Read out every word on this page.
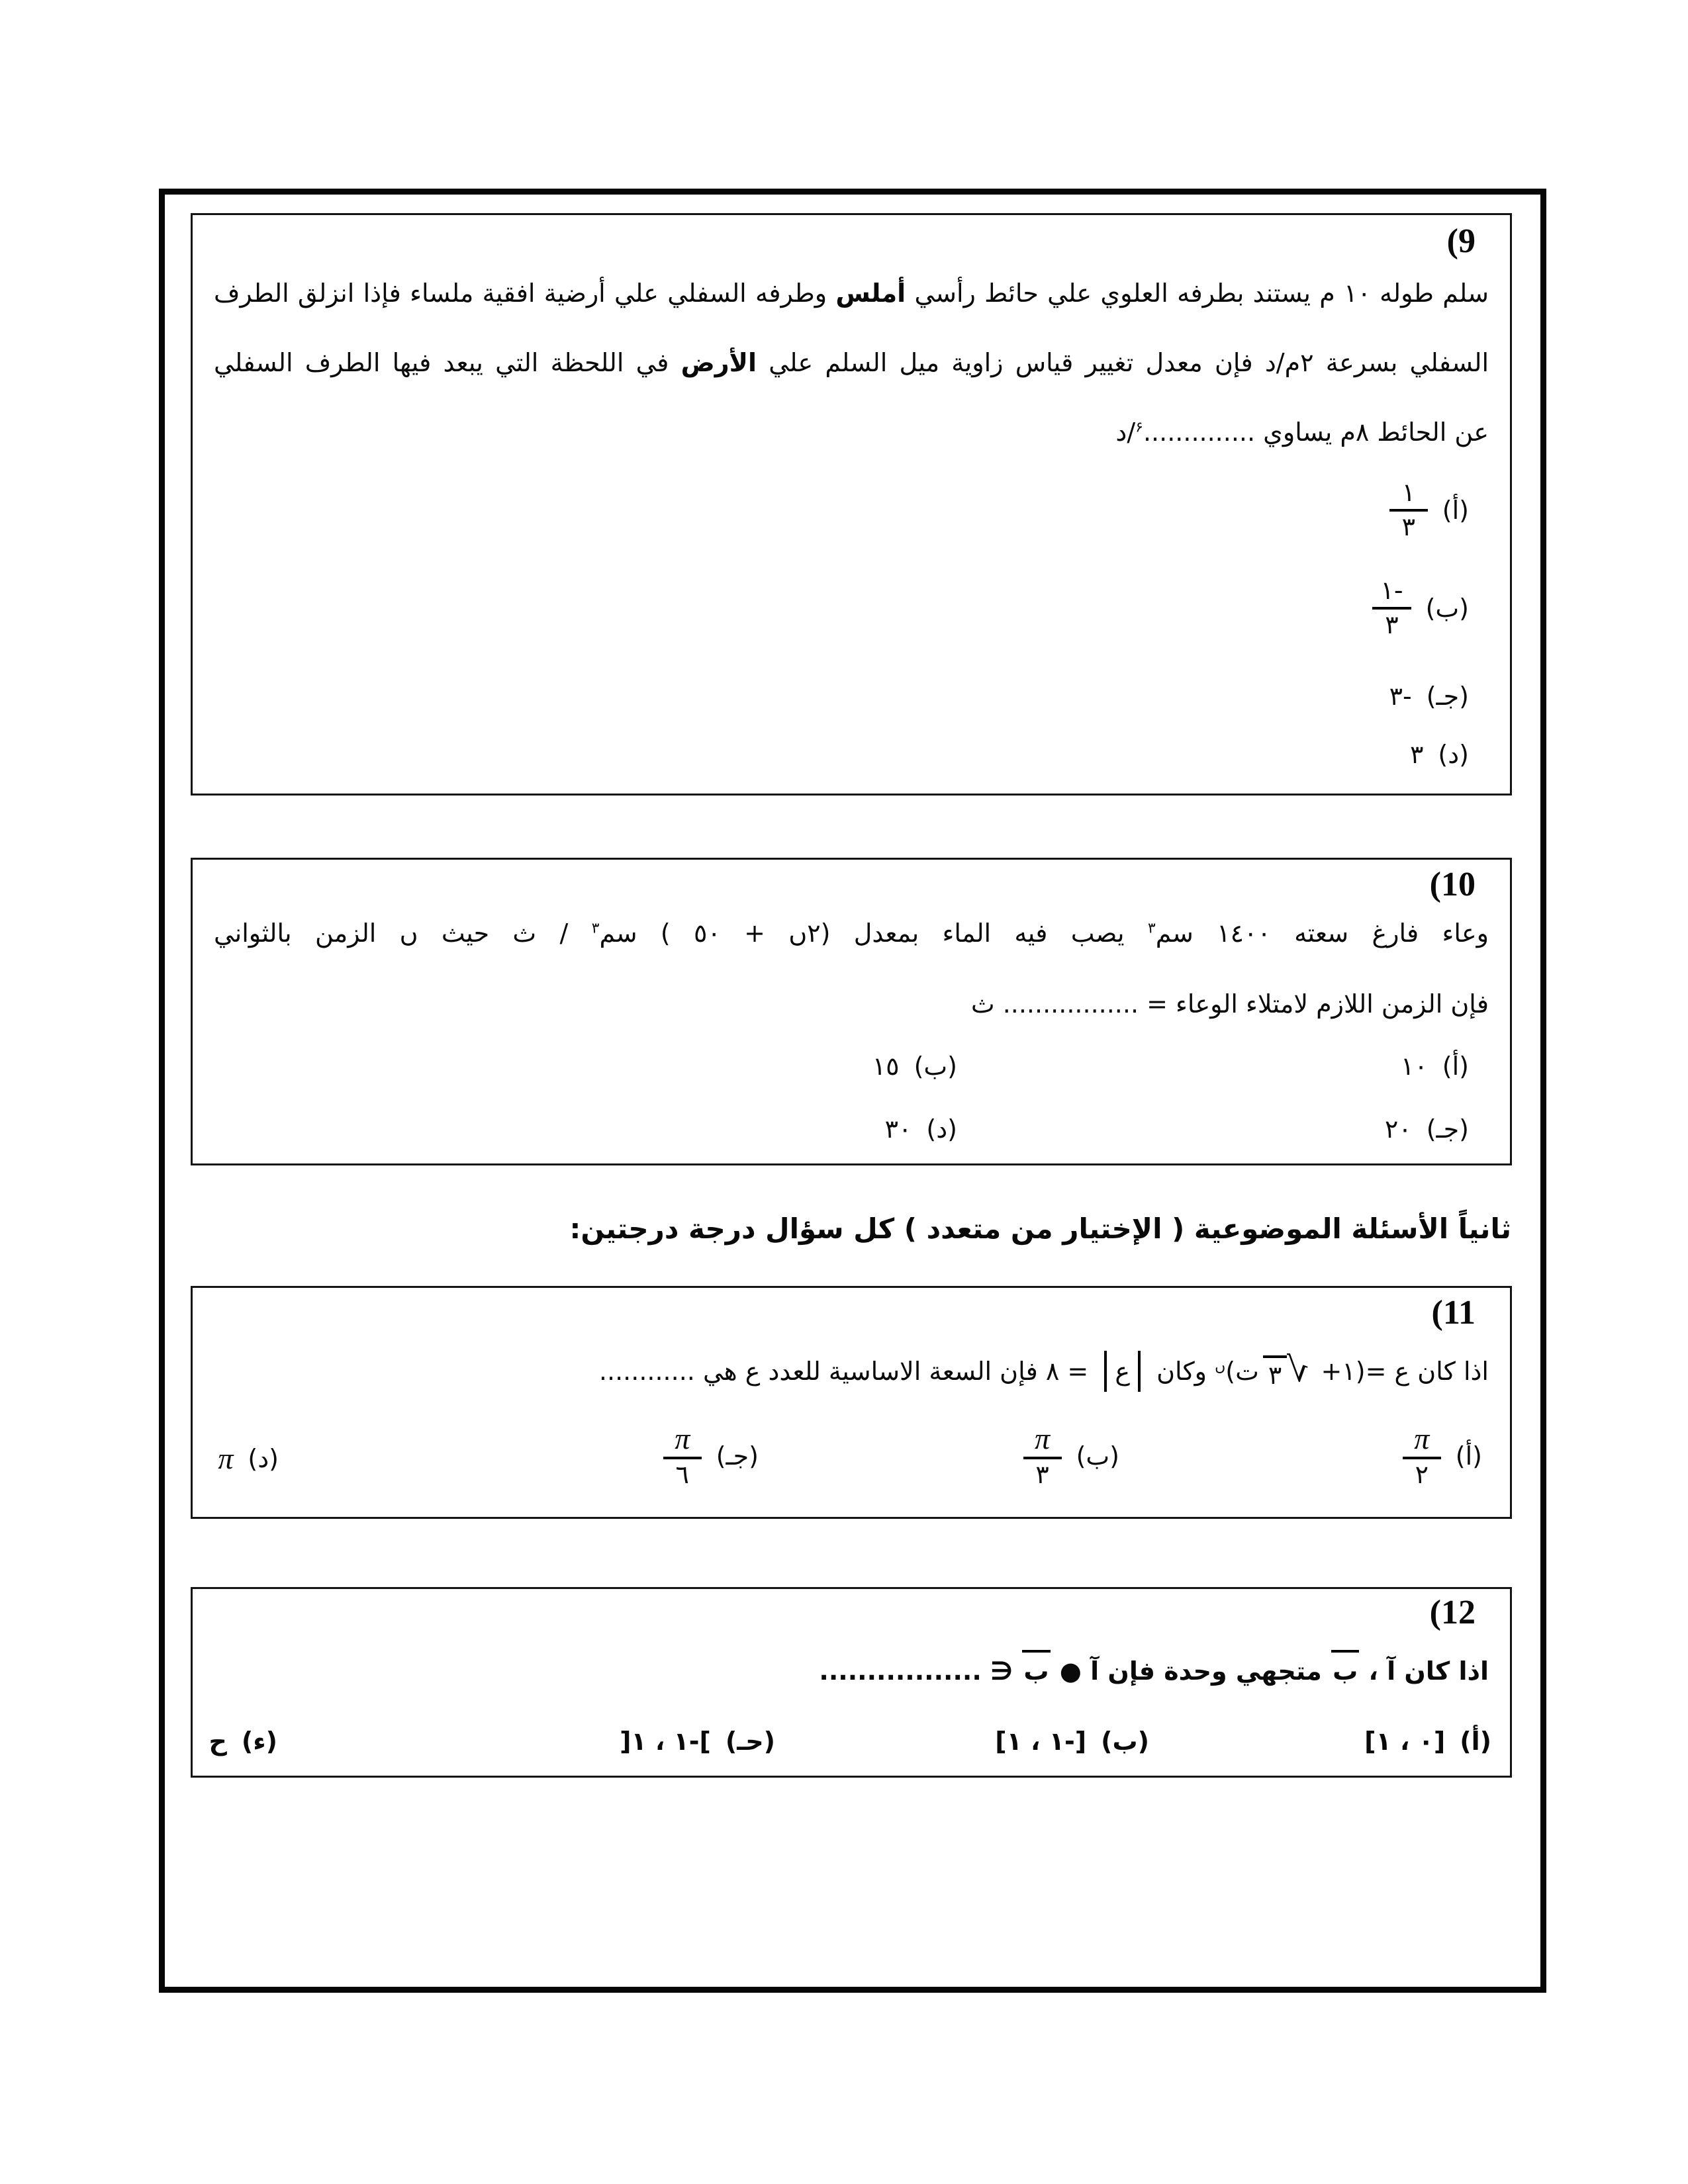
(9
سلم طوله ١٠ م يستند بطرفه العلوي علي حائط رأسي أملس وطرفه السفلي علي أرضية افقية ملساء فإذا انزلق الطرف
السفلي بسرعة ٢م/د فإن معدل تغيير قياس زاوية ميل السلم علي الأرض في اللحظة التي يبعد فيها الطرف السفلي
عن الحائط ٨م يساوي ..............د/$^۶$
(أ)
$\frac{١}{٣}$
(ب)
$\frac{-١}{٣}$
(جـ)
-٣
(د)
٣
(10
وعاء فارغ سعته ١٤٠٠ سم$^٣$ يصب فيه الماء بمعدل (٢ں + ٥٠ ) سم$^٣$ / ث حيث ں الزمن بالثواني
فإن الزمن اللازم لامتلاء الوعاء = ................. ث
(أ)
١٠
(ب)
١٥
(جـ)
٢٠
(د)
٣٠
ثانياً الأسئلة الموضوعية ( الإختيار من متعدد ) كل سؤال درجة درجتين:
(11
اذا كان ع =(١+
√
٣
ت)$^ں$ وكان ع = ٨ فإن السعة الاساسية للعدد ع هي ............
(أ)
$\frac{\pi}{٢}$
(ب)
$\frac{\pi}{٣}$
(جـ)
$\frac{\pi}{٦}$
(د)
π
(12
اذا كان آ ، ب متجهي وحدة فإن آ ● ب ∋ .................
(أ)
[٠ ، ١]
(ب)
[-١ ، ١]
(حـ)
]-١ ، ١[
(ء)
ح
